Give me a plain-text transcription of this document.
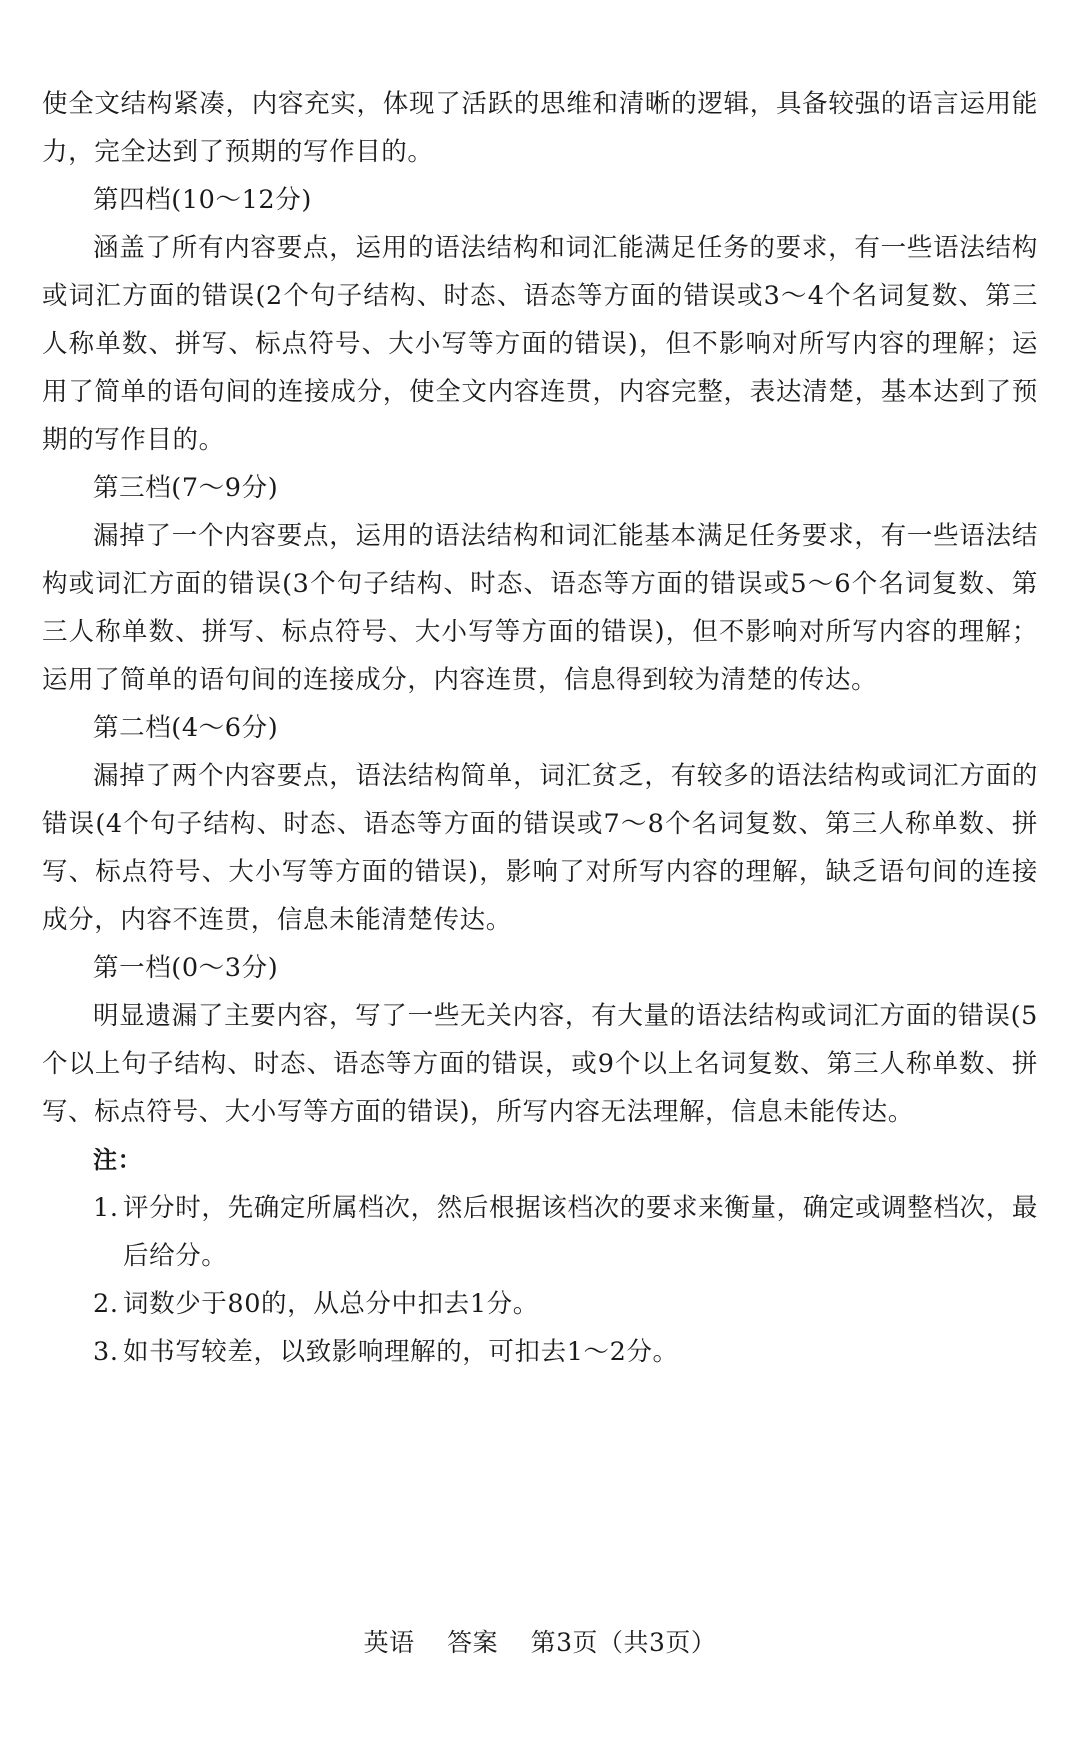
使全文结构紧凑，内容充实，体现了活跃的思维和清晰的逻辑，具备较强的语言运用能力，完全达到了预期的写作目的。

第四档(10～12分)

涵盖了所有内容要点，运用的语法结构和词汇能满足任务的要求，有一些语法结构或词汇方面的错误(2个句子结构、时态、语态等方面的错误或3～4个名词复数、第三人称单数、拼写、标点符号、大小写等方面的错误)，但不影响对所写内容的理解；运用了简单的语句间的连接成分，使全文内容连贯，内容完整，表达清楚，基本达到了预期的写作目的。

第三档(7～9分)

漏掉了一个内容要点，运用的语法结构和词汇能基本满足任务要求，有一些语法结构或词汇方面的错误(3个句子结构、时态、语态等方面的错误或5～6个名词复数、第三人称单数、拼写、标点符号、大小写等方面的错误)，但不影响对所写内容的理解；运用了简单的语句间的连接成分，内容连贯，信息得到较为清楚的传达。

第二档(4～6分)

漏掉了两个内容要点，语法结构简单，词汇贫乏，有较多的语法结构或词汇方面的错误(4个句子结构、时态、语态等方面的错误或7～8个名词复数、第三人称单数、拼写、标点符号、大小写等方面的错误)，影响了对所写内容的理解，缺乏语句间的连接成分，内容不连贯，信息未能清楚传达。

第一档(0～3分)

明显遗漏了主要内容，写了一些无关内容，有大量的语法结构或词汇方面的错误(5个以上句子结构、时态、语态等方面的错误，或9个以上名词复数、第三人称单数、拼写、标点符号、大小写等方面的错误)，所写内容无法理解，信息未能传达。

注：

1. 评分时，先确定所属档次，然后根据该档次的要求来衡量，确定或调整档次，最后给分。
2. 词数少于80的，从总分中扣去1分。
3. 如书写较差，以致影响理解的，可扣去1～2分。
英语 答案 第3页（共3页）
